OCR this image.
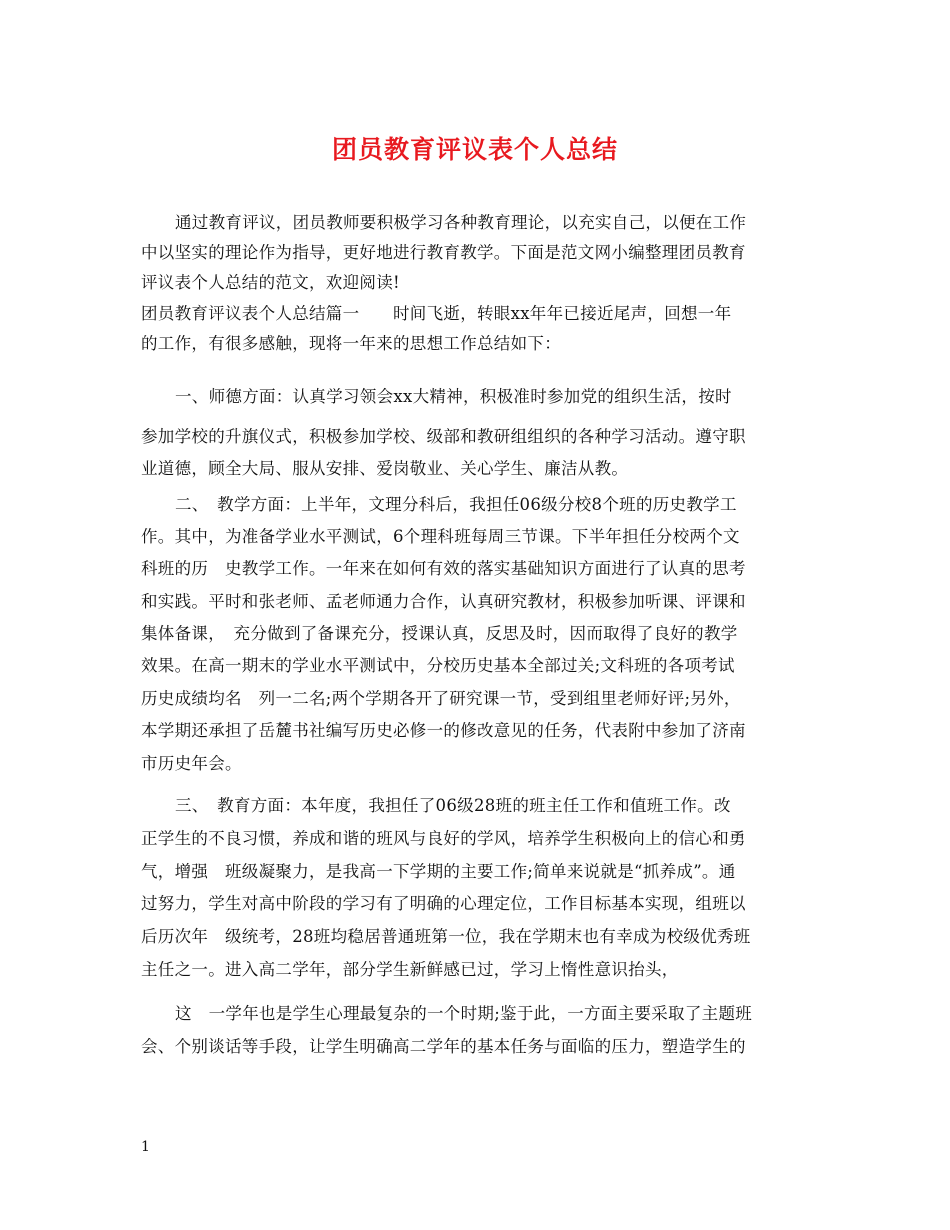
团员教育评议表个人总结
通过教育评议，团员教师要积极学习各种教育理论，以充实自己，以便在工作
中以坚实的理论作为指导，更好地进行教育教学。下面是范文网小编整理团员教育
评议表个人总结的范文，欢迎阅读!
团员教育评议表个人总结篇一　　时间飞逝，转眼xx年年已接近尾声，回想一年
的工作，有很多感触，现将一年来的思想工作总结如下：
一、师德方面：认真学习领会xx大精神，积极准时参加党的组织生活，按时
参加学校的升旗仪式，积极参加学校、级部和教研组组织的各种学习活动。遵守职
业道德，顾全大局、服从安排、爱岗敬业、关心学生、廉洁从教。
二、　教学方面：上半年，文理分科后，我担任06级分校8个班的历史教学工
作。其中，为准备学业水平测试，6个理科班每周三节课。下半年担任分校两个文
科班的历　史教学工作。一年来在如何有效的落实基础知识方面进行了认真的思考
和实践。平时和张老师、孟老师通力合作，认真研究教材，积极参加听课、评课和
集体备课，　充分做到了备课充分，授课认真，反思及时，因而取得了良好的教学
效果。在高一期末的学业水平测试中，分校历史基本全部过关;文科班的各项考试
历史成绩均名　列一二名;两个学期各开了研究课一节，受到组里老师好评;另外，
本学期还承担了岳麓书社编写历史必修一的修改意见的任务，代表附中参加了济南
市历史年会。
三、　教育方面：本年度，我担任了06级28班的班主任工作和值班工作。改
正学生的不良习惯，养成和谐的班风与良好的学风，培养学生积极向上的信心和勇
气，增强　班级凝聚力，是我高一下学期的主要工作;简单来说就是“抓养成”。通
过努力，学生对高中阶段的学习有了明确的心理定位，工作目标基本实现，组班以
后历次年　级统考，28班均稳居普通班第一位，我在学期末也有幸成为校级优秀班
主任之一。进入高二学年，部分学生新鲜感已过，学习上惰性意识抬头，
这　一学年也是学生心理最复杂的一个时期;鉴于此，一方面主要采取了主题班
会、个别谈话等手段，让学生明确高二学年的基本任务与面临的压力，塑造学生的
1
